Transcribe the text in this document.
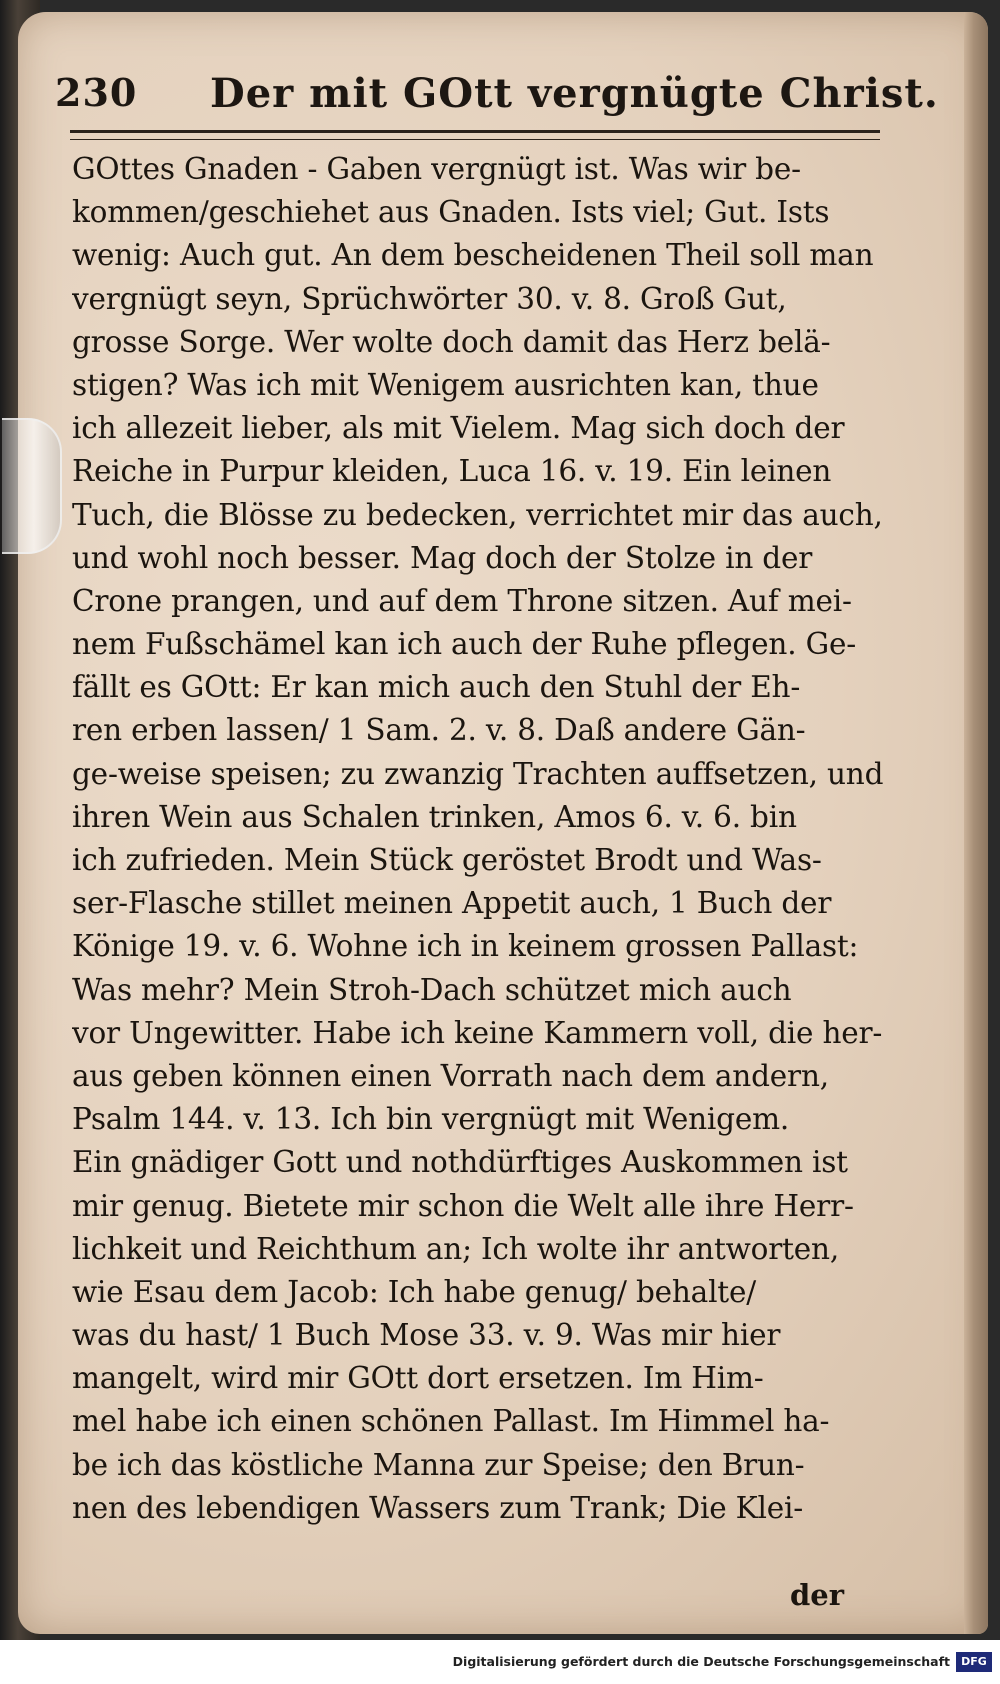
230 Der mit GOtt vergnügte Christ.
GOttes Gnaden - Gaben vergnügt ist. Was wir be-
kommen/geschiehet aus Gnaden. Ists viel; Gut. Ists
wenig: Auch gut. An dem bescheidenen Theil soll man
vergnügt seyn, Sprüchwörter 30. v. 8. Groß Gut,
grosse Sorge. Wer wolte doch damit das Herz belä-
stigen? Was ich mit Wenigem ausrichten kan, thue
ich allezeit lieber, als mit Vielem. Mag sich doch der
Reiche in Purpur kleiden, Luca 16. v. 19. Ein leinen
Tuch, die Blösse zu bedecken, verrichtet mir das auch,
und wohl noch besser. Mag doch der Stolze in der
Crone prangen, und auf dem Throne sitzen. Auf mei-
nem Fußschämel kan ich auch der Ruhe pflegen. Ge-
fällt es GOtt: Er kan mich auch den Stuhl der Eh-
ren erben lassen/ 1 Sam. 2. v. 8. Daß andere Gän-
ge-weise speisen; zu zwanzig Trachten auffsetzen, und
ihren Wein aus Schalen trinken, Amos 6. v. 6. bin
ich zufrieden. Mein Stück geröstet Brodt und Was-
ser-Flasche stillet meinen Appetit auch, 1 Buch der
Könige 19. v. 6. Wohne ich in keinem grossen Pallast:
Was mehr? Mein Stroh-Dach schützet mich auch
vor Ungewitter. Habe ich keine Kammern voll, die her-
aus geben können einen Vorrath nach dem andern,
Psalm 144. v. 13. Ich bin vergnügt mit Wenigem.
Ein gnädiger Gott und nothdürftiges Auskommen ist
mir genug. Bietete mir schon die Welt alle ihre Herr-
lichkeit und Reichthum an; Ich wolte ihr antworten,
wie Esau dem Jacob: Ich habe genug/ behalte/
was du hast/ 1 Buch Mose 33. v. 9. Was mir hier
mangelt, wird mir GOtt dort ersetzen. Im Him-
mel habe ich einen schönen Pallast. Im Himmel ha-
be ich das köstliche Manna zur Speise; den Brun-
nen des lebendigen Wassers zum Trank; Die Klei-
der
Digitalisierung gefördert durch die Deutsche Forschungsgemeinschaft	DFG
